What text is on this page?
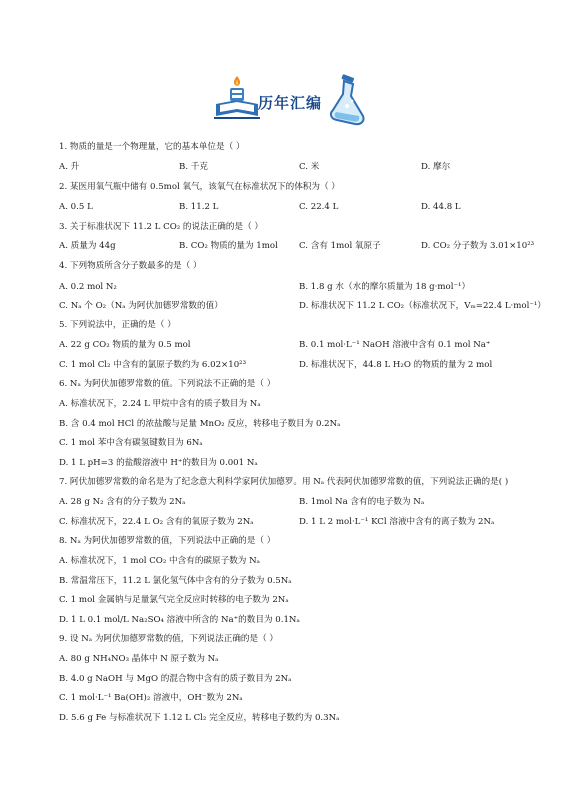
历年汇编
1. 物质的量是一个物理量，它的基本单位是（ ）
A. 升	B. 千克	C. 米	D. 摩尔
2. 某医用氧气瓶中储有 0.5mol 氧气，该氧气在标准状况下的体积为（ ）
A. 0.5 L	B. 11.2 L	C. 22.4 L	D. 44.8 L
3. 关于标准状况下 11.2 L CO₂ 的说法正确的是（ ）
A. 质量为 44g	B. CO₂ 物质的量为 1mol C. 含有 1mol 氧原子	D. CO₂ 分子数为 3.01×10²³
4. 下列物质所含分子数最多的是（ ）
A. 0.2 mol N₂	B. 1.8 g 水（水的摩尔质量为 18 g·mol⁻¹）
C. Nₐ 个 O₂（Nₐ 为阿伏加德罗常数的值）	D. 标准状况下 11.2 L CO₂（标准状况下，Vₘ=22.4 L·mol⁻¹）
5. 下列说法中，正确的是（ ）
A. 22 g CO₂ 物质的量为 0.5 mol	B. 0.1 mol·L⁻¹ NaOH 溶液中含有 0.1 mol Na⁺
C. 1 mol Cl₂ 中含有的氯原子数约为 6.02×10²³	D. 标准状况下，44.8 L H₂O 的物质的量为 2 mol
6. Nₐ 为阿伏加德罗常数的值。下列说法不正确的是（ ）
A. 标准状况下，2.24 L 甲烷中含有的质子数目为 Nₐ
B. 含 0.4 mol HCl 的浓盐酸与足量 MnO₂ 反应，转移电子数目为 0.2Nₐ
C. 1 mol 苯中含有碳氢键数目为 6Nₐ
D. 1 L pH=3 的盐酸溶液中 H⁺的数目为 0.001 Nₐ
7. 阿伏加德罗常数的命名是为了纪念意大利科学家阿伏加德罗。用 Nₐ 代表阿伏加德罗常数的值，下列说法正确的是( )
A. 28 g N₂ 含有的分子数为 2Nₐ	B. 1mol Na 含有的电子数为 Nₐ
C. 标准状况下，22.4 L O₂ 含有的氧原子数为 2Nₐ	D. 1 L 2 mol·L⁻¹ KCl 溶液中含有的离子数为 2Nₐ
8. Nₐ 为阿伏加德罗常数的值，下列说法中正确的是（ ）
A. 标准状况下，1 mol CO₂ 中含有的碳原子数为 Nₐ
B. 常温常压下，11.2 L 氯化氢气体中含有的分子数为 0.5Nₐ
C. 1 mol 金属钠与足量氯气完全反应时转移的电子数为 2Nₐ
D. 1 L 0.1 mol/L Na₂SO₄ 溶液中所含的 Na⁺的数目为 0.1Nₐ
9. 设 Nₐ 为阿伏加德罗常数的值，下列说法正确的是（ ）
A. 80 g NH₄NO₃ 晶体中 N 原子数为 Nₐ
B. 4.0 g NaOH 与 MgO 的混合物中含有的质子数目为 2Nₐ
C. 1 mol·L⁻¹ Ba(OH)₂ 溶液中，OH⁻数为 2Nₐ
D. 5.6 g Fe 与标准状况下 1.12 L Cl₂ 完全反应，转移电子数约为 0.3Nₐ
